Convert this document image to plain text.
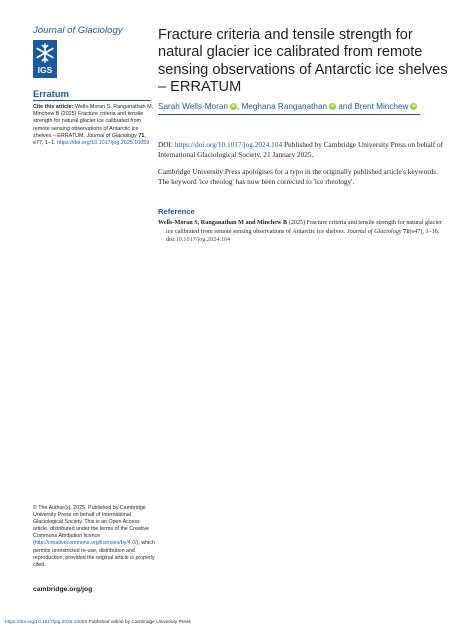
Journal of Glaciology
IGS
Erratum
Cite this article: Wells-Moran S, Ranganathan M, Minchew B (2025) Fracture criteria and tensile strength for natural glacier ice calibrated from remote sensing observations of Antarctic ice shelves – ERRATUM. Journal of Glaciology 71, e77, 1–1. https://doi.org/10.1017/jog.2025.10059
© The Author(s), 2025. Published by Cambridge University Press on behalf of International Glaciological Society. This is an Open Access article, distributed under the terms of the Creative Commons Attribution licence (http://creativecommons.org/licenses/by/4.0/), which permits unrestricted re-use, distribution and reproduction, provided the original article is properly cited.
cambridge.org/jog
https://doi.org/10.1017/jog.2025.10059 Published online by Cambridge University Press
Fracture criteria and tensile strength for natural glacier ice calibrated from remote sensing observations of Antarctic ice shelves – ERRATUM
Sarah Wells-MoraniD , Meghana RanganathaniD and Brent MinchewiD
DOI: https://doi.org/10.1017/jog.2024.104 Published by Cambridge University Press on behalf of International Glaciological Society, 21 January 2025.
Cambridge University Press apologises for a typo in the originally published article's keywords. The keyword 'ice rheolog' has now been corrected to 'ice rheology'.
Reference
Wells-Moran S, Ranganathan M and Minchew B (2025) Fracture criteria and tensile strength for natural glacier
ice calibrated from remote sensing observations of Antarctic ice shelves. Journal of Glaciology 71(e47), 1–16.
doi:10.1017/jog.2024.104
